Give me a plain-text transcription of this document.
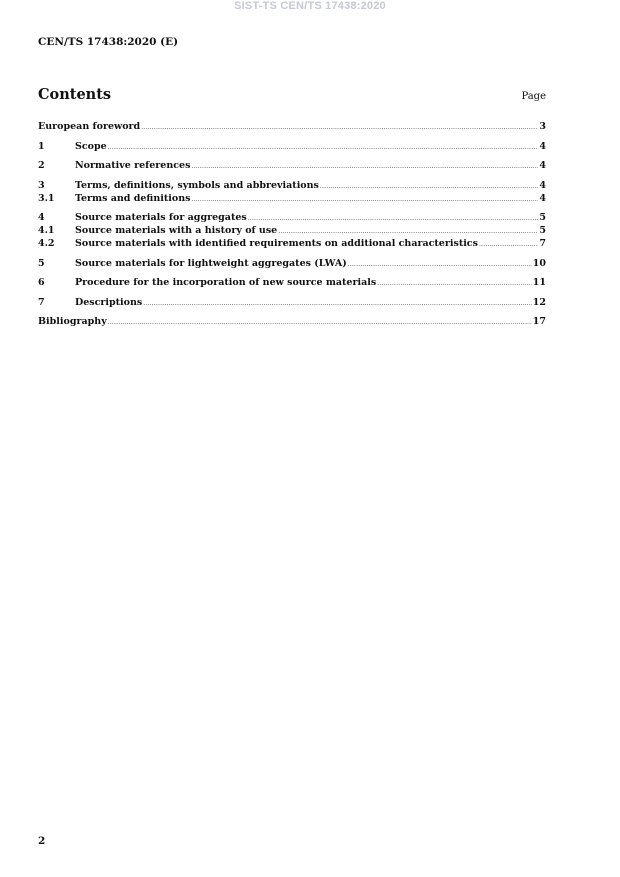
SIST-TS CEN/TS 17438:2020
CEN/TS 17438:2020 (E)
Contents	Page
European foreword .....	3
1	Scope .....	4
2	Normative references .....	4
3	Terms, definitions, symbols and abbreviations .....	4
3.1	Terms and definitions .....	4
4	Source materials for aggregates .....	5
4.1	Source materials with a history of use .....	5
4.2	Source materials with identified requirements on additional characteristics .....	7
5	Source materials for lightweight aggregates (LWA) .....	10
6	Procedure for the incorporation of new source materials .....	11
7	Descriptions .....	12
Bibliography .....	17
2
